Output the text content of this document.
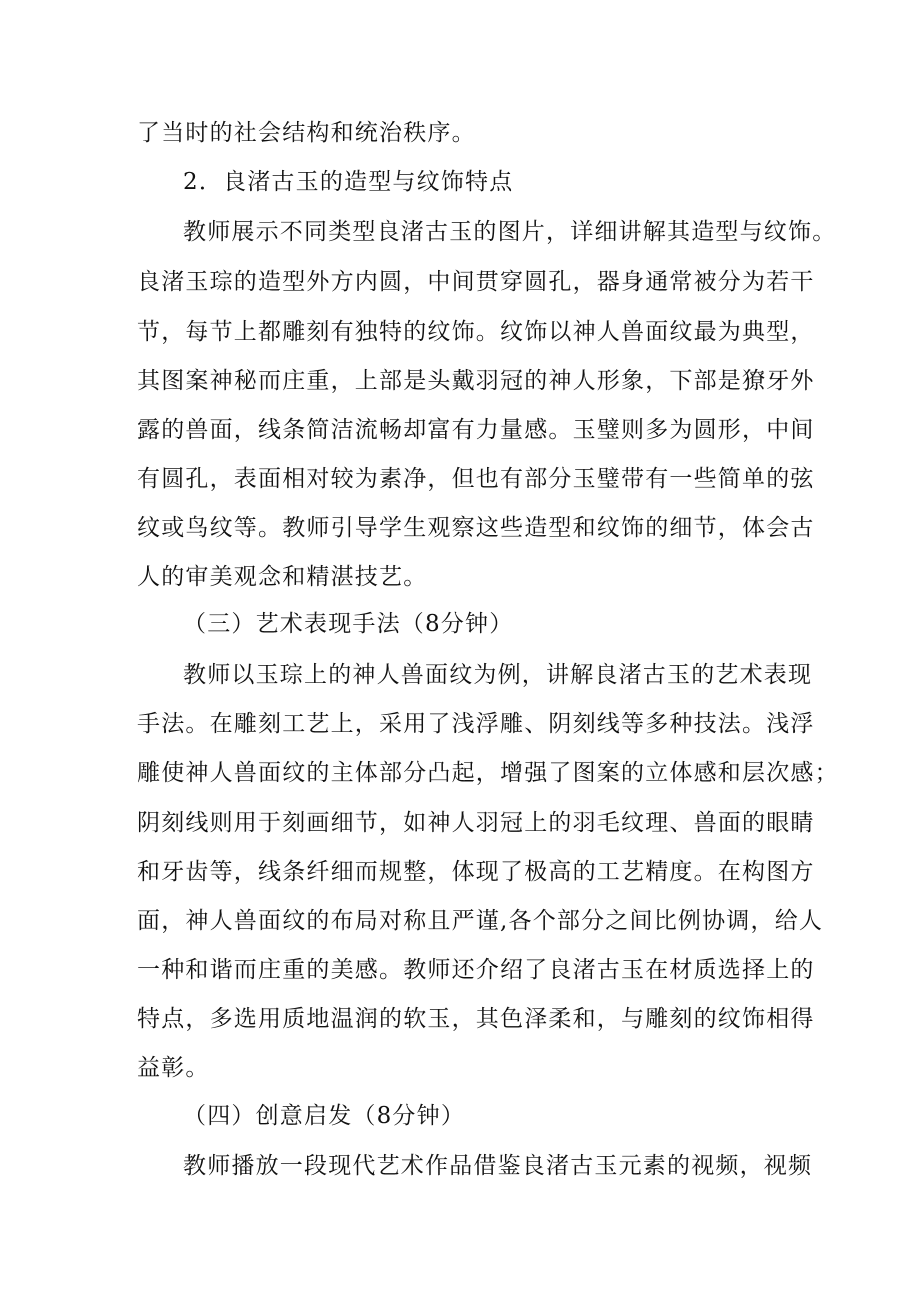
了当时的社会结构和统治秩序。
2．良渚古玉的造型与纹饰特点
教师展示不同类型良渚古玉的图片，详细讲解其造型与纹饰。
良渚玉琮的造型外方内圆，中间贯穿圆孔，器身通常被分为若干
节，每节上都雕刻有独特的纹饰。纹饰以神人兽面纹最为典型，
其图案神秘而庄重，上部是头戴羽冠的神人形象，下部是獠牙外
露的兽面，线条简洁流畅却富有力量感。玉璧则多为圆形，中间
有圆孔，表面相对较为素净，但也有部分玉璧带有一些简单的弦
纹或鸟纹等。教师引导学生观察这些造型和纹饰的细节，体会古
人的审美观念和精湛技艺。
（三）艺术表现手法（8分钟）
教师以玉琮上的神人兽面纹为例，讲解良渚古玉的艺术表现
手法。在雕刻工艺上，采用了浅浮雕、阴刻线等多种技法。浅浮
雕使神人兽面纹的主体部分凸起，增强了图案的立体感和层次感；
阴刻线则用于刻画细节，如神人羽冠上的羽毛纹理、兽面的眼睛
和牙齿等，线条纤细而规整，体现了极高的工艺精度。在构图方
面，神人兽面纹的布局对称且严谨,各个部分之间比例协调，给人
一种和谐而庄重的美感。教师还介绍了良渚古玉在材质选择上的
特点，多选用质地温润的软玉，其色泽柔和，与雕刻的纹饰相得
益彰。
（四）创意启发（8分钟）
教师播放一段现代艺术作品借鉴良渚古玉元素的视频，视频
